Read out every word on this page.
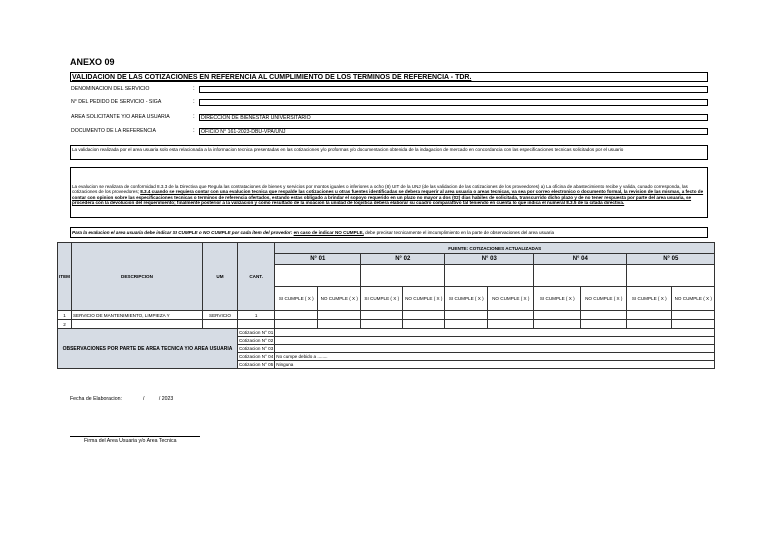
ANEXO 09
VALIDACION DE LAS COTIZACIONES EN REFERENCIA AL CUMPLIMIENTO DE LOS TERMINOS DE REFERENCIA - TDR.
DENOMINACION DEL SERVICIO	:
N° DEL PEDIDO DE SERVICIO - SIGA	:
AREA SOLICITANTE Y/O AREA USUARIA	:	DIRECCIÓN DE BIENESTAR UNIVERSITARIO
DOCUMENTO DE LA REFERENCIA	:	OFICIO N° 161-2023-DBU-VPA/UNJ
La validacion realizada por el area usuaria solo esta relacionada a la informacion tecnica presentadas en las cotizaciones y/o proformas y/o documentacion obtenida de la indagacion de mercado en concordancia con las especificaciones tecnicas solicitados por el usuario
La evalucion se realizara de conformidad 8.3.3 de la Directiva que Regula las contrataciones de bienes y servicios por montos iguales o inferiores a ocho (8) UIT de la UNJ (de las validacion de las cotizaciones de los proveedores) a) La oficina de abastecimiento recibe y valida, cunado corresponda, las cotizaciones de los proveedores; 8.3.4 cuando se requiera contar con una evalucion tecnica que respalde las cotizaciones u otras fuentes identificadas se debera requerir al area usuaria o areas tecnicas, va sea por correo electronico o documento formal, la revision de las mismas, a fecto de contar con opinion sobre las especificaciones tecnicas o terminos de referencia ofertados, estando estas obligado a brindar el sopoyo requerido en un plazo no mayor a dos (02) dias habiles de solicitada, transcurrido dicho plazo y de no tener respuesta por parte del area usuaria, se procedera con la devolucion del requerimiento; finalmente posterior a la valizacion y como resultado de la inoacion la unidad de loqistica debera elaborar su cuadro comparattivo tal teniendo en cuenta lo que indica el numeral 8.3.5 de la citada directiva.
Para la evalucion el area usuaria debe indicar SI CUMPLE o NO CUMPLE por cada item del provedor: en caso de indicar NO CUMPLE, debe precisar tecnicamente el imcumplimiento en la parte de observaciones del area usuaria
ITEM	DESCRIPCION	UM	CANT.	FUENTE: COTIZACIONES ACTUALIZADAS									
				N° 01		N° 02		N° 03		N° 04		N° 05	

				SI CUMPLE ( X )	NO CUMPLE ( X )	SI CUMPLE ( X )	NO CUMPLE ( X )	SI CUMPLE ( X )	NO CUMPLE ( X )	SI CUMPLE ( X )	NO CUMPLE ( X )	SI CUMPLE ( X )	NO CUMPLE ( X )
1	SERVICIO DE MANTENIMIENTO, LIMPIEZA Y	SERVICIO	1										
2													
OBSERVACIONES POR PARTE DE AREA TECNICA Y/O AREA USUARIA			Cotizacion N° 01										
			Cotizacion N° 02										
			Cotizacion N° 03										
			Cotizacion N° 04	No cumpe debido a ........									
			Cotizacion N° 05	Ninguna									
Fecha de Elaboracion:	/          / 2023
Firma del Area Usuaria y/o Area Tecnica
